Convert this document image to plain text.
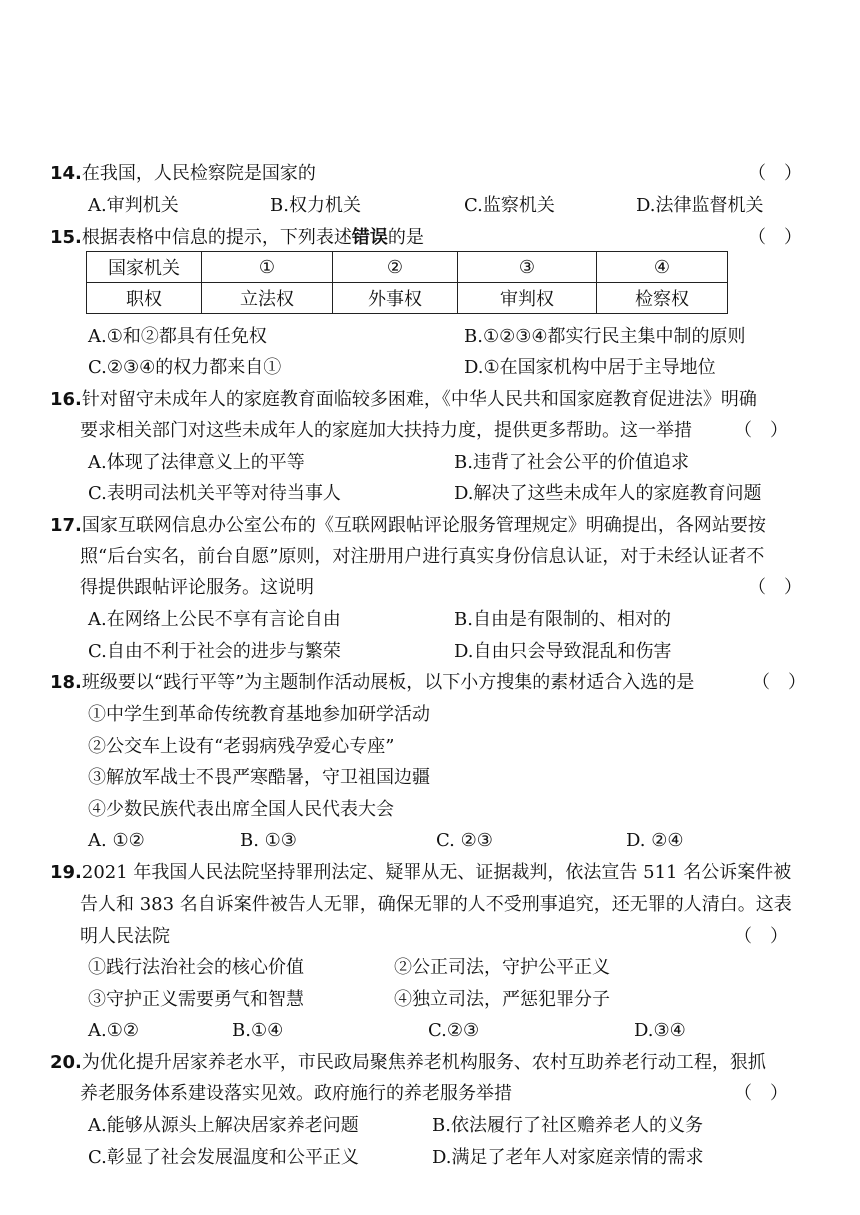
14.在我国，人民检察院是国家的	（　）
A.审判机关	B.权力机关	C.监察机关	D.法律监督机关
15.根据表格中信息的提示，下列表述错误的是	（　）
国家机关	①	②	③	④
职权	立法权	外事权	审判权	检察权
A.①和②都具有任免权	B.①②③④都实行民主集中制的原则
C.②③④的权力都来自①	D.①在国家机构中居于主导地位
16.针对留守未成年人的家庭教育面临较多困难，《中华人民共和国家庭教育促进法》明确
要求相关部门对这些未成年人的家庭加大扶持力度，提供更多帮助。这一举措 （　）
A.体现了法律意义上的平等	B.违背了社会公平的价值追求
C.表明司法机关平等对待当事人	D.解决了这些未成年人的家庭教育问题
17.国家互联网信息办公室公布的《互联网跟帖评论服务管理规定》明确提出，各网站要按
照“后台实名，前台自愿”原则，对注册用户进行真实身份信息认证，对于未经认证者不
得提供跟帖评论服务。这说明	（　）
A.在网络上公民不享有言论自由	B.自由是有限制的、相对的
C.自由不利于社会的进步与繁荣	D.自由只会导致混乱和伤害
18.班级要以“践行平等”为主题制作活动展板，以下小方搜集的素材适合入选的是	（　）
①中学生到革命传统教育基地参加研学活动
②公交车上设有“老弱病残孕爱心专座”
③解放军战士不畏严寒酷暑，守卫祖国边疆
④少数民族代表出席全国人民代表大会
A. ①②	B. ①③	C. ②③	D. ②④
19.2021 年我国人民法院坚持罪刑法定、疑罪从无、证据裁判，依法宣告 511 名公诉案件被
告人和 383 名自诉案件被告人无罪，确保无罪的人不受刑事追究，还无罪的人清白。这表
明人民法院	（　）
①践行法治社会的核心价值	②公正司法，守护公平正义
③守护正义需要勇气和智慧	④独立司法，严惩犯罪分子
A.①②	B.①④	C.②③	D.③④
20.为优化提升居家养老水平，市民政局聚焦养老机构服务、农村互助养老行动工程，狠抓
养老服务体系建设落实见效。政府施行的养老服务举措	（　）
A.能够从源头上解决居家养老问题	B.依法履行了社区赡养老人的义务
C.彰显了社会发展温度和公平正义	D.满足了老年人对家庭亲情的需求
